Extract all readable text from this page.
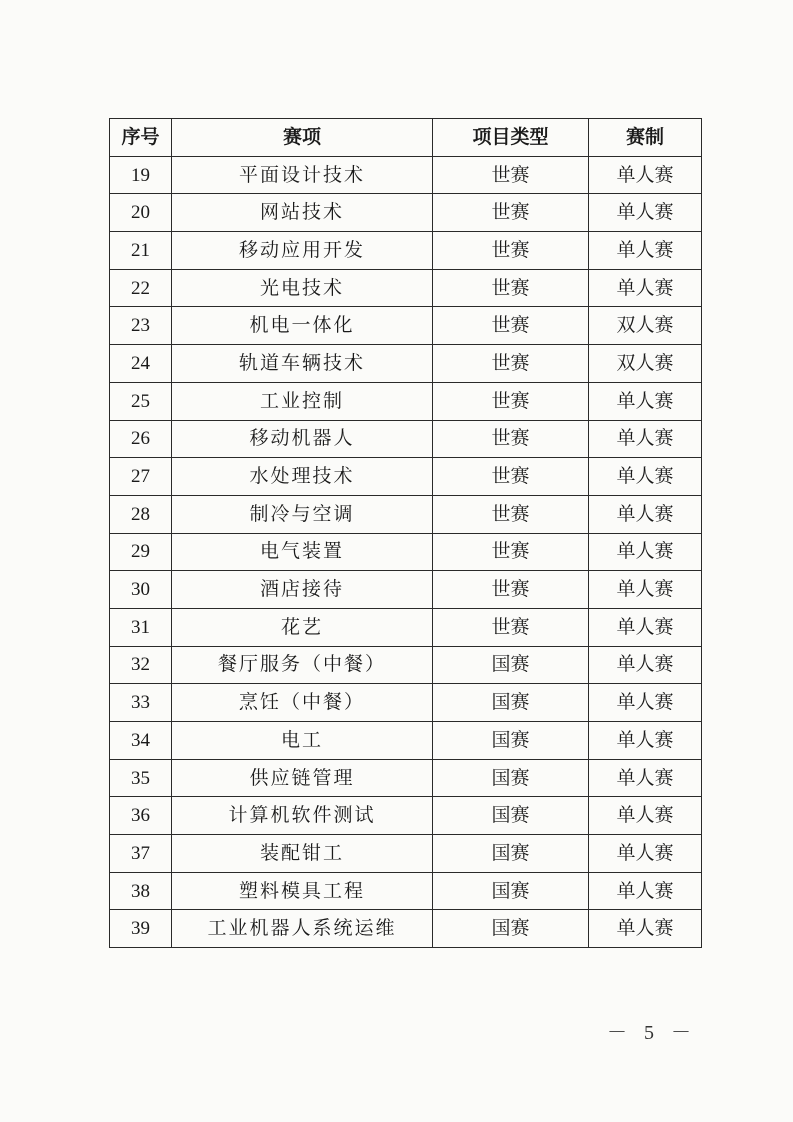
序号	赛项	项目类型	赛制
19	平面设计技术	世赛	单人赛
20	网站技术	世赛	单人赛
21	移动应用开发	世赛	单人赛
22	光电技术	世赛	单人赛
23	机电一体化	世赛	双人赛
24	轨道车辆技术	世赛	双人赛
25	工业控制	世赛	单人赛
26	移动机器人	世赛	单人赛
27	水处理技术	世赛	单人赛
28	制冷与空调	世赛	单人赛
29	电气装置	世赛	单人赛
30	酒店接待	世赛	单人赛
31	花艺	世赛	单人赛
32	餐厅服务（中餐）	国赛	单人赛
33	烹饪（中餐）	国赛	单人赛
34	电工	国赛	单人赛
35	供应链管理	国赛	单人赛
36	计算机软件测试	国赛	单人赛
37	装配钳工	国赛	单人赛
38	塑料模具工程	国赛	单人赛
39	工业机器人系统运维	国赛	单人赛
－ 5 －
